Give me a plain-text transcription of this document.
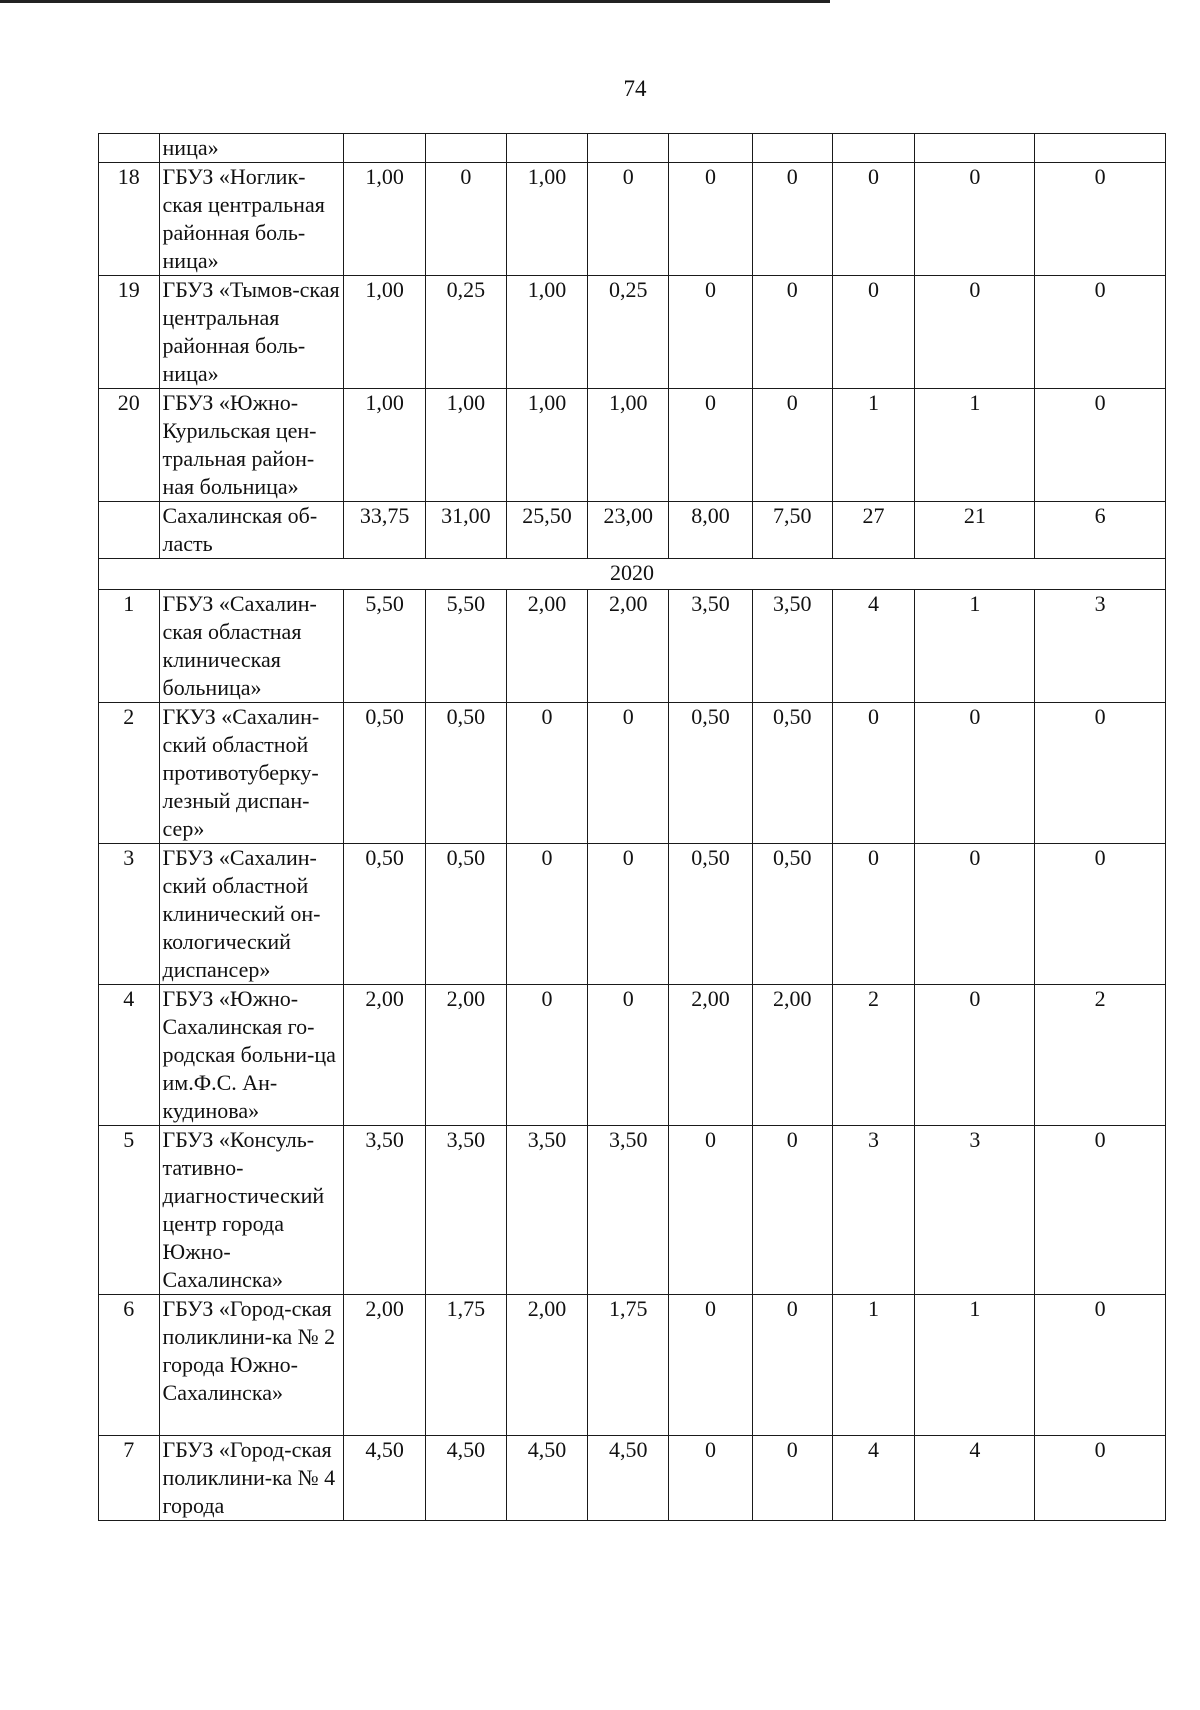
74
	ница»									
18	ГБУЗ «Ноглик-ская центральная районная боль-ница»	1,00	0	1,00	0	0	0	0	0	0
19	ГБУЗ «Тымов-ская центральная районная боль-ница»	1,00	0,25	1,00	0,25	0	0	0	0	0
20	ГБУЗ «Южно-Курильская цен-тральная район-ная больница»	1,00	1,00	1,00	1,00	0	0	1	1	0
	Сахалинская об-ласть	33,75	31,00	25,50	23,00	8,00	7,50	27	21	6
2020										
1	ГБУЗ «Сахалин-ская областная клиническая больница»	5,50	5,50	2,00	2,00	3,50	3,50	4	1	3
2	ГКУЗ «Сахалин-ский областной противотуберку-лезный диспан-сер»	0,50	0,50	0	0	0,50	0,50	0	0	0
3	ГБУЗ «Сахалин-ский областной клинический он-кологический диспансер»	0,50	0,50	0	0	0,50	0,50	0	0	0
4	ГБУЗ «Южно-Сахалинская го-родская больни-ца им.Ф.С. Ан-кудинова»	2,00	2,00	0	0	2,00	2,00	2	0	2
5	ГБУЗ «Консуль-тативно-диагностический центр города Южно-Сахалинска»	3,50	3,50	3,50	3,50	0	0	3	3	0
6	ГБУЗ «Город-ская поликлини-ка № 2 города Южно-Сахалинска»	2,00	1,75	2,00	1,75	0	0	1	1	0
7	ГБУЗ «Город-ская поликлини-ка № 4 города	4,50	4,50	4,50	4,50	0	0	4	4	0
